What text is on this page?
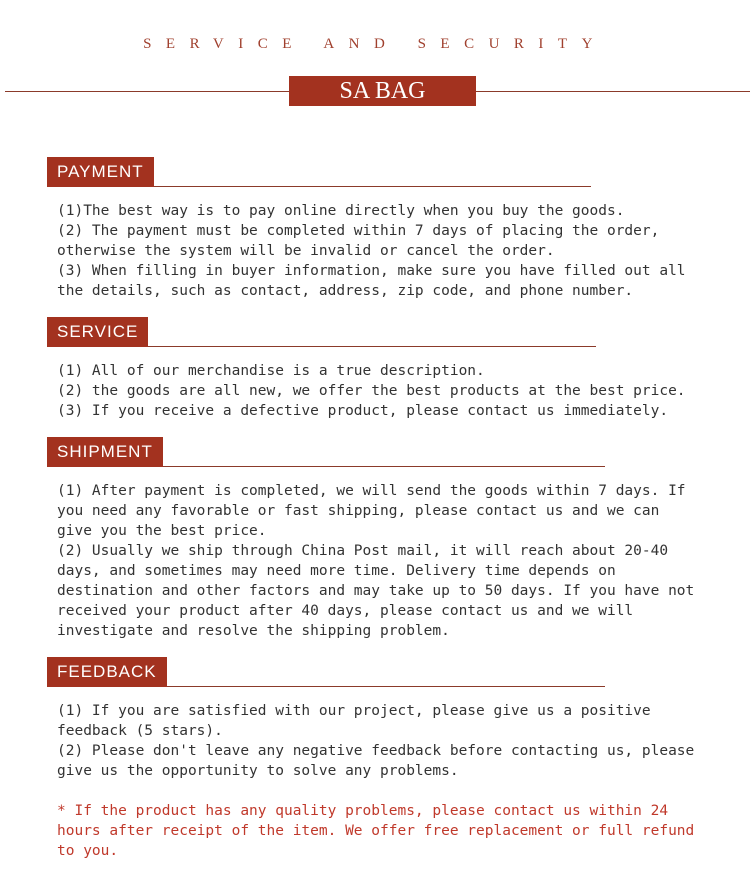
SERVICE AND SECURITY
SA BAG
PAYMENT
(1)The best way is to pay online directly when you buy the goods.
(2) The payment must be completed within 7 days of placing the order,
otherwise the system will be invalid or cancel the order.
(3) When filling in buyer information, make sure you have filled out all
the details, such as contact, address, zip code, and phone number.
SERVICE
(1) All of our merchandise is a true description.
(2) the goods are all new, we offer the best products at the best price.
(3) If you receive a defective product, please contact us immediately.
SHIPMENT
(1) After payment is completed, we will send the goods within 7 days. If
you need any favorable or fast shipping, please contact us and we can
give you the best price.
(2) Usually we ship through China Post mail, it will reach about 20-40
days, and sometimes may need more time. Delivery time depends on
destination and other factors and may take up to 50 days. If you have not
received your product after 40 days, please contact us and we will
investigate and resolve the shipping problem.
FEEDBACK
(1) If you are satisfied with our project, please give us a positive
feedback (5 stars).
(2) Please don't leave any negative feedback before contacting us, please
give us the opportunity to solve any problems.
* If the product has any quality problems, please contact us within 24
hours after receipt of the item. We offer free replacement or full refund
to you.
